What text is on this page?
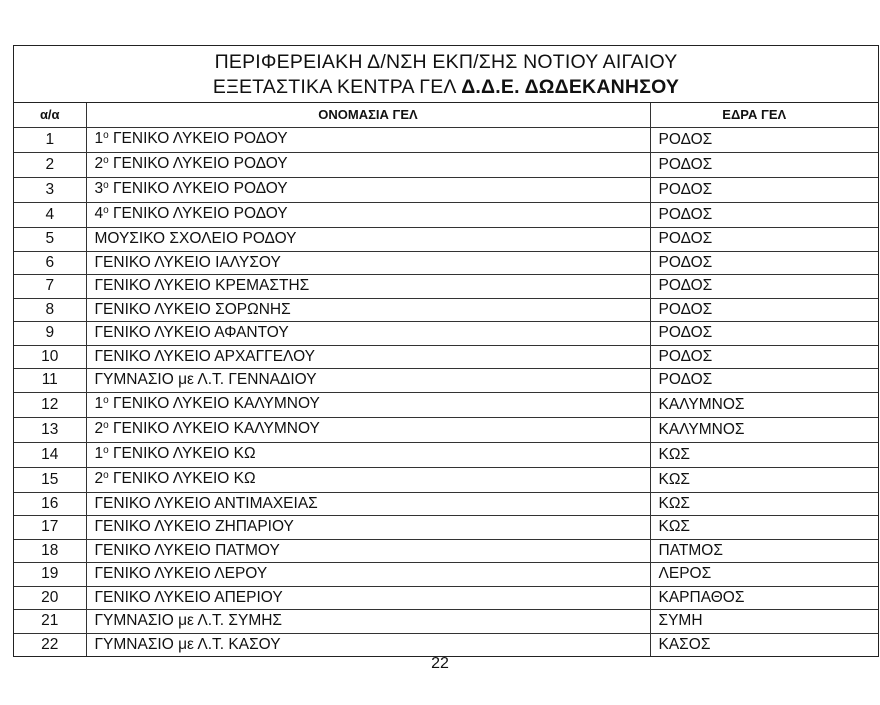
ΠΕΡΙΦΕΡΕΙΑΚΗ Δ/ΝΣΗ ΕΚΠ/ΣΗΣ ΝΟΤΙΟΥ ΑΙΓΑΙΟΥ
ΕΞΕΤΑΣΤΙΚΑ ΚΕΝΤΡΑ ΓΕΛ Δ.Δ.Ε. ΔΩΔΕΚΑΝΗΣΟΥ
α/α	ΟΝΟΜΑΣΙΑ ΓΕΛ	ΕΔΡΑ ΓΕΛ
1	$1^o$ ΓΕΝΙΚΟ ΛΥΚΕΙΟ ΡΟΔΟΥ	ΡΟΔΟΣ
2	$2^o$ ΓΕΝΙΚΟ ΛΥΚΕΙΟ ΡΟΔΟΥ	ΡΟΔΟΣ
3	$3^o$ ΓΕΝΙΚΟ ΛΥΚΕΙΟ ΡΟΔΟΥ	ΡΟΔΟΣ
4	$4^o$ ΓΕΝΙΚΟ ΛΥΚΕΙΟ ΡΟΔΟΥ	ΡΟΔΟΣ
5	ΜΟΥΣΙΚΟ ΣΧΟΛΕΙΟ ΡΟΔΟΥ	ΡΟΔΟΣ
6	ΓΕΝΙΚΟ ΛΥΚΕΙΟ ΙΑΛΥΣΟΥ	ΡΟΔΟΣ
7	ΓΕΝΙΚΟ ΛΥΚΕΙΟ ΚΡΕΜΑΣΤΗΣ	ΡΟΔΟΣ
8	ΓΕΝΙΚΟ ΛΥΚΕΙΟ ΣΟΡΩΝΗΣ	ΡΟΔΟΣ
9	ΓΕΝΙΚΟ ΛΥΚΕΙΟ ΑΦΑΝΤΟΥ	ΡΟΔΟΣ
10	ΓΕΝΙΚΟ ΛΥΚΕΙΟ ΑΡΧΑΓΓΕΛΟΥ	ΡΟΔΟΣ
11	ΓΥΜΝΑΣΙΟ με Λ.Τ. ΓΕΝΝΑΔΙΟΥ	ΡΟΔΟΣ
12	$1^o$ ΓΕΝΙΚΟ ΛΥΚΕΙΟ ΚΑΛΥΜΝΟΥ	ΚΑΛΥΜΝΟΣ
13	$2^o$ ΓΕΝΙΚΟ ΛΥΚΕΙΟ ΚΑΛΥΜΝΟΥ	ΚΑΛΥΜΝΟΣ
14	$1^o$ ΓΕΝΙΚΟ ΛΥΚΕΙΟ ΚΩ	ΚΩΣ
15	$2^o$ ΓΕΝΙΚΟ ΛΥΚΕΙΟ ΚΩ	ΚΩΣ
16	ΓΕΝΙΚΟ ΛΥΚΕΙΟ ΑΝΤΙΜΑΧΕΙΑΣ	ΚΩΣ
17	ΓΕΝΙΚΟ ΛΥΚΕΙΟ ΖΗΠΑΡΙΟΥ	ΚΩΣ
18	ΓΕΝΙΚΟ ΛΥΚΕΙΟ ΠΑΤΜΟΥ	ΠΑΤΜΟΣ
19	ΓΕΝΙΚΟ ΛΥΚΕΙΟ ΛΕΡΟΥ	ΛΕΡΟΣ
20	ΓΕΝΙΚΟ ΛΥΚΕΙΟ ΑΠΕΡΙΟΥ	ΚΑΡΠΑΘΟΣ
21	ΓΥΜΝΑΣΙΟ με Λ.Τ. ΣΥΜΗΣ	ΣΥΜΗ
22	ΓΥΜΝΑΣΙΟ με Λ.Τ. ΚΑΣΟΥ	ΚΑΣΟΣ
22
